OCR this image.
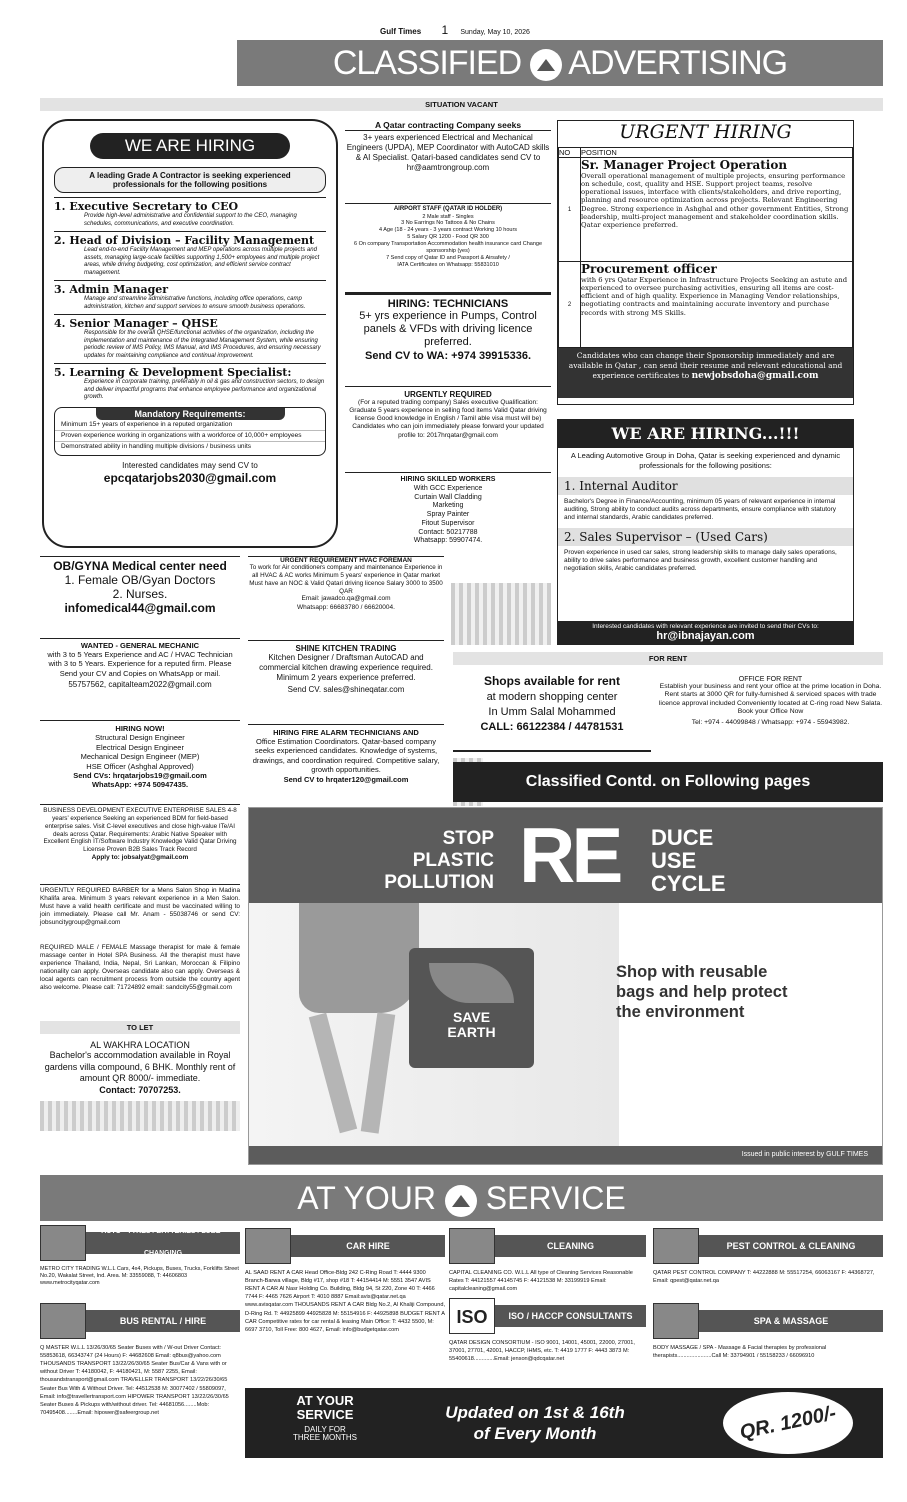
Gulf Times 1 Sunday, May 10, 2026
CLASSIFIED ADVERTISING
SITUATION VACANT
WE ARE HIRING
A leading Grade A Contractor is seeking experienced professionals for the following positions
1. Executive Secretary to CEO
Provide high-level administrative and confidential support to the CEO, managing schedules, communications, and executive coordination.
2. Head of Division – Facility Management
Lead end-to-end Facility Management and MEP operations across multiple projects and assets, managing large-scale facilities supporting 1,500+ employees and multiple project areas, while driving budgeting, cost optimization, and efficient service contract management.
3. Admin Manager
Manage and streamline administrative functions, including office operations, camp administration, kitchen and support services to ensure smooth business operations.
4. Senior Manager – QHSE
Responsible for the overall QHSE/functional activities of the organization, including the implementation and maintenance of the Integrated Management System, while ensuring periodic review of IMS Policy, IMS Manual, and IMS Procedures, and ensuring necessary updates for maintaining compliance and continual improvement.
5. Learning & Development Specialist:
Experience in corporate training, preferably in oil & gas and construction sectors, to design and deliver impactful programs that enhance employee performance and organizational growth.
Mandatory Requirements:
Minimum 15+ years of experience in a reputed organization
Proven experience working in organizations with a workforce of 10,000+ employees
Demonstrated ability in handling multiple divisions / business units
Interested candidates may send CV to
epcqatarjobs2030@gmail.com
A Qatar contracting Company seeks
3+ years experienced Electrical and Mechanical Engineers (UPDA), MEP Coordinator with AutoCAD skills & AI Specialist. Qatari-based candidates send CV to
hr@aamtrongroup.com
AIRPORT STAFF (QATAR ID HOLDER)
2 Male staff - Singles
3 No Earrings No Tattoos & No Chains
4 Age (18 - 24 years - 3 years contract Working 10 hours
5 Salary QR 1200 - Food QR 300
6 On company Transportation Accommodation health insurance card Change sponsorship (yes)
7 Send copy of Qatar ID and Passport & Airsafety /
IATA Certificates on Whatsapp: 55831010
HIRING: TECHNICIANS
5+ yrs experience in Pumps, Control panels & VFDs with driving licence preferred.
Send CV to WA: +974 39915336.
URGENTLY REQUIRED
(For a reputed trading company) Sales executive Qualification: Graduate 5 years experience in selling food items Valid Qatar driving license Good knowledge in English / Tamil able visa must will be) Candidates who can join immediately please forward your updated profile to: 2017hrqatar@gmail.com
HIRING SKILLED WORKERS
With GCC Experience
Curtain Wall Cladding
Marketing
Spray Painter
Fitout Supervisor
Contact: 50217788
Whatsapp: 59907474.
URGENT HIRING
NO	POSITION
1	Sr. Manager Project Operation
Overall operational management of multiple projects, ensuring performance on schedule, cost, quality and HSE. Support project teams, resolve operational issues, interface with clients/stakeholders, and drive reporting, planning and resource optimization across projects. Relevant Engineering Degree. Strong experience in Ashghal and other government Entities, Strong leadership, multi-project management and stakeholder coordination skills. Qatar experience preferred.

2	Procurement officer
with 6 yrs Qatar Experience in Infrastructure Projects Seeking an astute and experienced to oversee purchasing activities, ensuring all items are cost-efficient and of high quality. Experience in Managing Vendor relationships, negotiating contracts and maintaining accurate inventory and purchase records with strong MS Skills.
Candidates who can change their Sponsorship immediately and are available in Qatar , can send their resume and relevant educational and experience certificates to newjobsdoha@gmail.com
WE ARE HIRING...!!!
A Leading Automotive Group in Doha, Qatar is seeking experienced and dynamic professionals for the following positions:
1. Internal Auditor
Bachelor's Degree in Finance/Accounting, minimum 05 years of relevant experience in internal auditing, Strong ability to conduct audits across departments, ensure compliance with statutory and internal standards, Arabic candidates preferred.
2. Sales Supervisor – (Used Cars)
Proven experience in used car sales, strong leadership skills to manage daily sales operations, ability to drive sales performance and business growth, excellent customer handling and negotiation skills, Arabic candidates preferred.
Interested candidates with relevant experience are invited to send their CVs to:
hr@ibnajayan.com
OB/GYNA Medical center need
1. Female OB/Gyan Doctors
2. Nurses.
infomedical44@gmail.com
WANTED - GENERAL MECHANIC
with 3 to 5 Years Experience and AC / HVAC Technician with 3 to 5 Years. Experience for a reputed firm. Please Send your CV and Copies on WhatsApp or mail.
55757562, capitalteam2022@gmail.com
HIRING NOW!
Structural Design Engineer
Electrical Design Engineer
Mechanical Design Engineer (MEP)
HSE Officer (Ashghal Approved)
Send CVs: hrqatarjobs19@gmail.com
WhatsApp: +974 50947435.
BUSINESS DEVELOPMENT EXECUTIVE ENTERPRISE SALES 4-8 years' experience Seeking an experienced BDM for field-based enterprise sales. Visit C-level executives and close high-value ITe/AI deals across Qatar. Requirements: Arabic Native Speaker with Excellent English IT/Software Industry Knowledge Valid Qatar Driving License Proven B2B Sales Track Record
Apply to: jobsalyat@gmail.com
URGENTLY REQUIRED BARBER for a Mens Salon Shop in Madina Khalifa area. Minimum 3 years relevant experience in a Men Salon. Must have a valid health certificate and must be vaccinated willing to join immediately. Please call Mr. Anam - 55038746 or send CV: jobsuncitygroup@gmail.com
REQUIRED MALE / FEMALE Massage therapist for male & female massage center in Hotel SPA Business. All the therapist must have experience Thailand, India, Nepal, Sri Lankan, Moroccan & Filipino nationality can apply. Overseas candidate also can apply. Overseas & local agents can recruitment process from outside the country agent also welcome. Please call: 71724892 email: sandcity55@gmail.com
TO LET
AL WAKHRA LOCATION
Bachelor's accommodation available in Royal gardens villa compound, 6 BHK. Monthly rent of amount QR 8000/- immediate.
Contact: 70707253.
URGENT REQUIREMENT HVAC FOREMAN
To work for Air conditioners company and maintenance Experience in all HVAC & AC works Minimum 5 years' experience in Qatar market Must have an NOC & Valid Qatari driving licence Salary 3000 to 3500 QAR
Email: jawadco.qa@gmail.com
Whatsapp: 66683780 / 66620004.
SHINE KITCHEN TRADING
Kitchen Designer / Draftsman AutoCAD and commercial kitchen drawing experience required. Minimum 2 years experience preferred.
Send CV. sales@shineqatar.com
HIRING FIRE ALARM TECHNICIANS AND
Office Estimation Coordinators. Qatar-based company seeks experienced candidates. Knowledge of systems, drawings, and coordination required. Competitive salary, growth opportunities.
Send CV to hrqater120@gmail.com
FOR RENT
Shops available for rent
at modern shopping center
In Umm Salal Mohammed
CALL: 66122384 / 44781531
OFFICE FOR RENT
Establish your business and rent your office at the prime location in Doha. Rent starts at 3000 QR for fully-furnished & serviced spaces with trade licence approval included Conveniently located at C-ring road New Salata. Book your Office Now
Tel: +974 - 44099848 / Whatsapp: +974 - 55943982.
Classified Contd. on Following pages
STOP
PLASTIC
POLLUTION RE DUCE
USE
CYCLE
SAVE
EARTH
Shop with reusable bags and help protect the environment
Issued in public interest by GULF TIMES
AT YOUR SERVICE
AUTO - TYRES / BATTERIES / LUBE - CHANGING
METRO CITY TRADING W.L.L Cars, 4x4, Pickups, Buses, Trucks, Forklifts Street No.20, Wakalat Street, Ind. Area. M: 33559088, T: 44606803 www.metrocityqatar.com
BUS RENTAL / HIRE
Q MASTER W.L.L 13/26/30/65 Seater Buses with / W-out Driver Contact: 55853618, 66343747 (24 Hours) F: 44682608 Email: q8bus@yahoo.com THOUSANDS TRANSPORT 13/22/26/30/65 Seater Bus/Car & Vans with or without Driver T: 44180042, F: 44180421, M: 5587 2255, Email: thousandstransport@gmail.com TRAVELLER TRANSPORT 13/22/26/30/65 Seater Bus With & Without Driver. Tel: 44512538 M: 30077402 / 55809097, Email: info@travellertransport.com HIPOWER TRANSPORT 13/22/26/30/65 Seater Buses & Pickups with/without driver. Tel: 44681056........Mob: 70495408........Email: hipower@safeergroup.net
CAR HIRE
AL SAAD RENT A CAR Head Office-Bldg 242 C-Ring Road T: 4444 9300 Branch-Barwa village, Bldg #17, shop #18 T: 44154414 M: 5551 3547 AVIS RENT A CAR Al Nasr Holding Co. Building, Bldg 94, St 220, Zone 40 T: 4466 7744 F: 4465 7626 Airport T: 4010 8887 Email:avis@qatar.net.qa www.avisqatar.com THOUSANDS RENT A CAR Bldg No.2, Al Khaliji Compound, D-Ring Rd. T: 44925899 44925828 M: 55154916 F: 44925898 BUDGET RENT A CAR Competitive rates for car rental & leasing Main Office: T: 4432 5500, M: 6697 3710, Toll Free: 800 4627, Email: info@budgetqatar.com
CLEANING
CAPITAL CLEANING CO. W.L.L All type of Cleaning Services Reasonable Rates T: 44121557 44145745 F: 44121538 M: 33199919 Email: capitalcleaning@gmail.com
ISO	ISO / HACCP CONSULTANTS
QATAR DESIGN CONSORTIUM - ISO 9001, 14001, 45001, 22000, 27001, 37001, 27701, 42001, HACCP, IHMS, etc. T: 4419 1777 F: 4443 3873 M: 55400618.............Email: jenson@qdcqatar.net
PEST CONTROL & CLEANING
QATAR PEST CONTROL COMPANY T: 44222888 M: 55517254, 66063167 F: 44368727, Email: qpest@qatar.net.qa
SPA & MASSAGE
BODY MASSAGE / SPA - Massage & Facial therapies by professional therapists......................Call M: 33794901 / 55158233 / 66096910
AT YOUR
SERVICE
DAILY FOR
THREE MONTHS
Updated on 1st & 16th
of Every Month	QR. 1200/-
